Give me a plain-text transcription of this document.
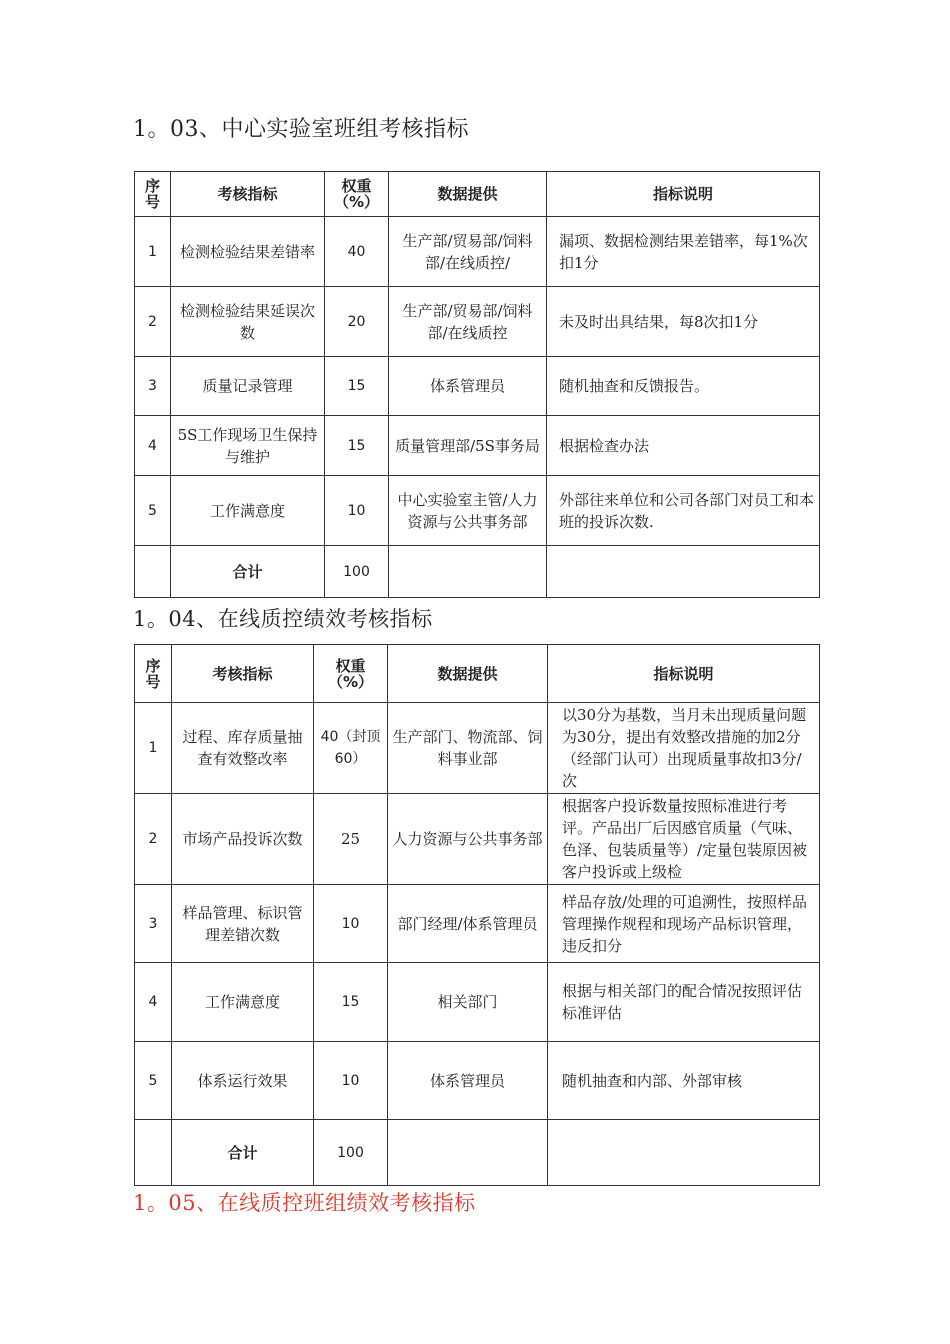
1。03、中心实验室班组考核指标
序号	考核指标	权重（%）	数据提供	指标说明
1	检测检验结果差错率	40	生产部/贸易部/饲料部/在线质控/	漏项、数据检测结果差错率，每1%次扣1分
2	检测检验结果延误次数	20	生产部/贸易部/饲料部/在线质控	未及时出具结果，每8次扣1分
3	质量记录管理	15	体系管理员	随机抽查和反馈报告。
4	5S工作现场卫生保持与维护	15	质量管理部/5S事务局	根据检查办法
5	工作满意度	10	中心实验室主管/人力资源与公共事务部	外部往来单位和公司各部门对员工和本班的投诉次数.
	合计	100		
1。04、在线质控绩效考核指标
序号	考核指标	权重（%）	数据提供	指标说明
1	过程、库存质量抽查有效整改率	40（封顶60）	生产部门、物流部、饲料事业部	以30分为基数，当月未出现质量问题为30分，提出有效整改措施的加2分（经部门认可）出现质量事故扣3分/次
2	市场产品投诉次数	25	人力资源与公共事务部	根据客户投诉数量按照标准进行考评。产品出厂后因感官质量（气味、色泽、包装质量等）/定量包装原因被客户投诉或上级检
3	样品管理、标识管理差错次数	10	部门经理/体系管理员	样品存放/处理的可追溯性，按照样品管理操作规程和现场产品标识管理，违反扣分
4	工作满意度	15	相关部门	根据与相关部门的配合情况按照评估标准评估
5	体系运行效果	10	体系管理员	随机抽查和内部、外部审核
	合计	100		
1。05、在线质控班组绩效考核指标
